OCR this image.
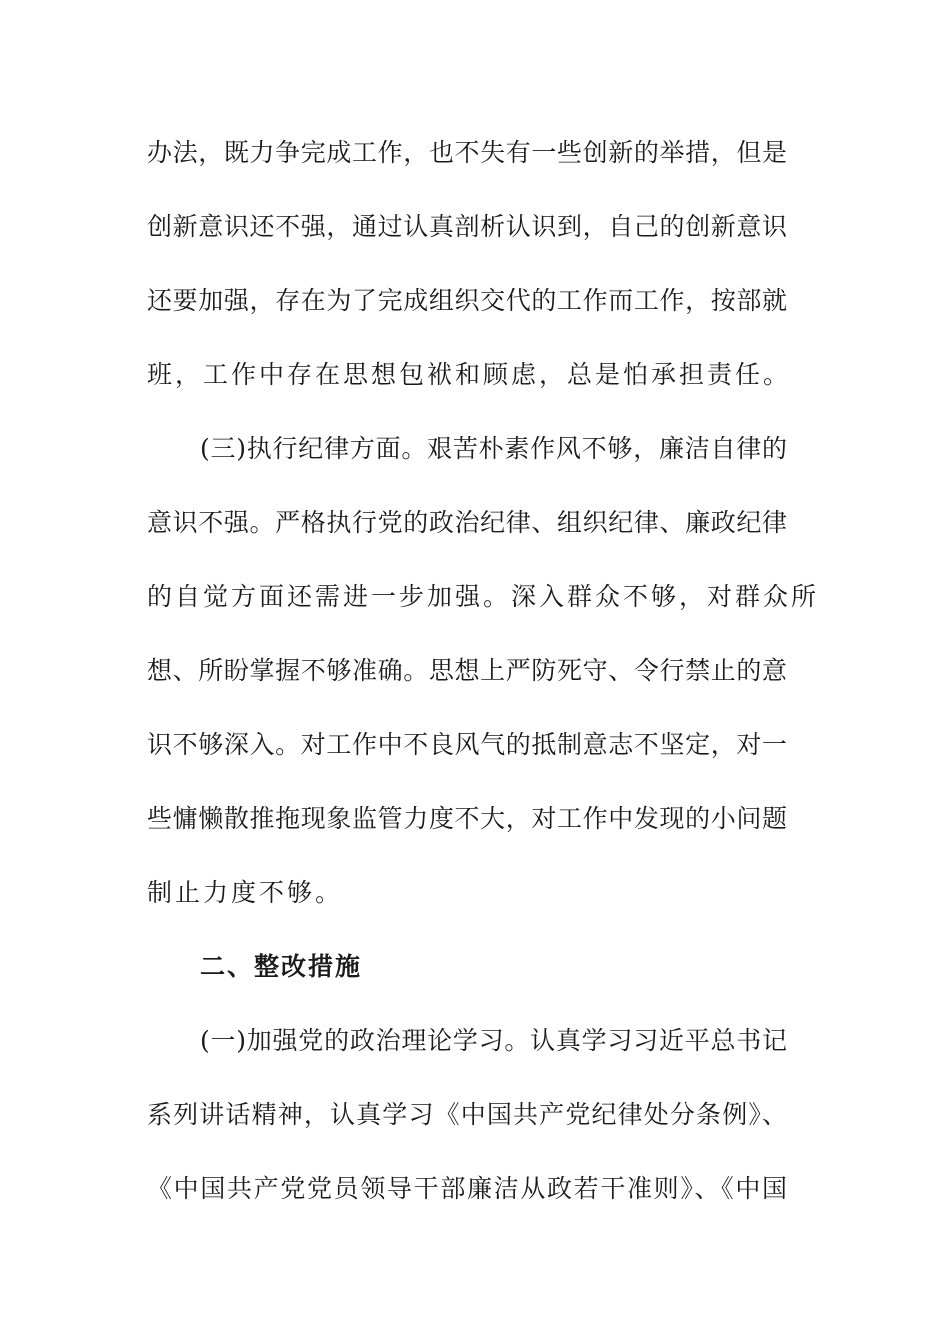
办法，既力争完成工作，也不失有一些创新的举措，但是
创新意识还不强，通过认真剖析认识到，自己的创新意识
还要加强，存在为了完成组织交代的工作而工作，按部就
班，工作中存在思想包袱和顾虑，总是怕承担责任。
(三)执行纪律方面。艰苦朴素作风不够，廉洁自律的
意识不强。严格执行党的政治纪律、组织纪律、廉政纪律
的自觉方面还需进一步加强。深入群众不够，对群众所
想、所盼掌握不够准确。思想上严防死守、令行禁止的意
识不够深入。对工作中不良风气的抵制意志不坚定，对一
些慵懒散推拖现象监管力度不大，对工作中发现的小问题
制止力度不够。
二、整改措施
(一)加强党的政治理论学习。认真学习习近平总书记
系列讲话精神，认真学习《中国共产党纪律处分条例》、
《中国共产党党员领导干部廉洁从政若干准则》、《中国
